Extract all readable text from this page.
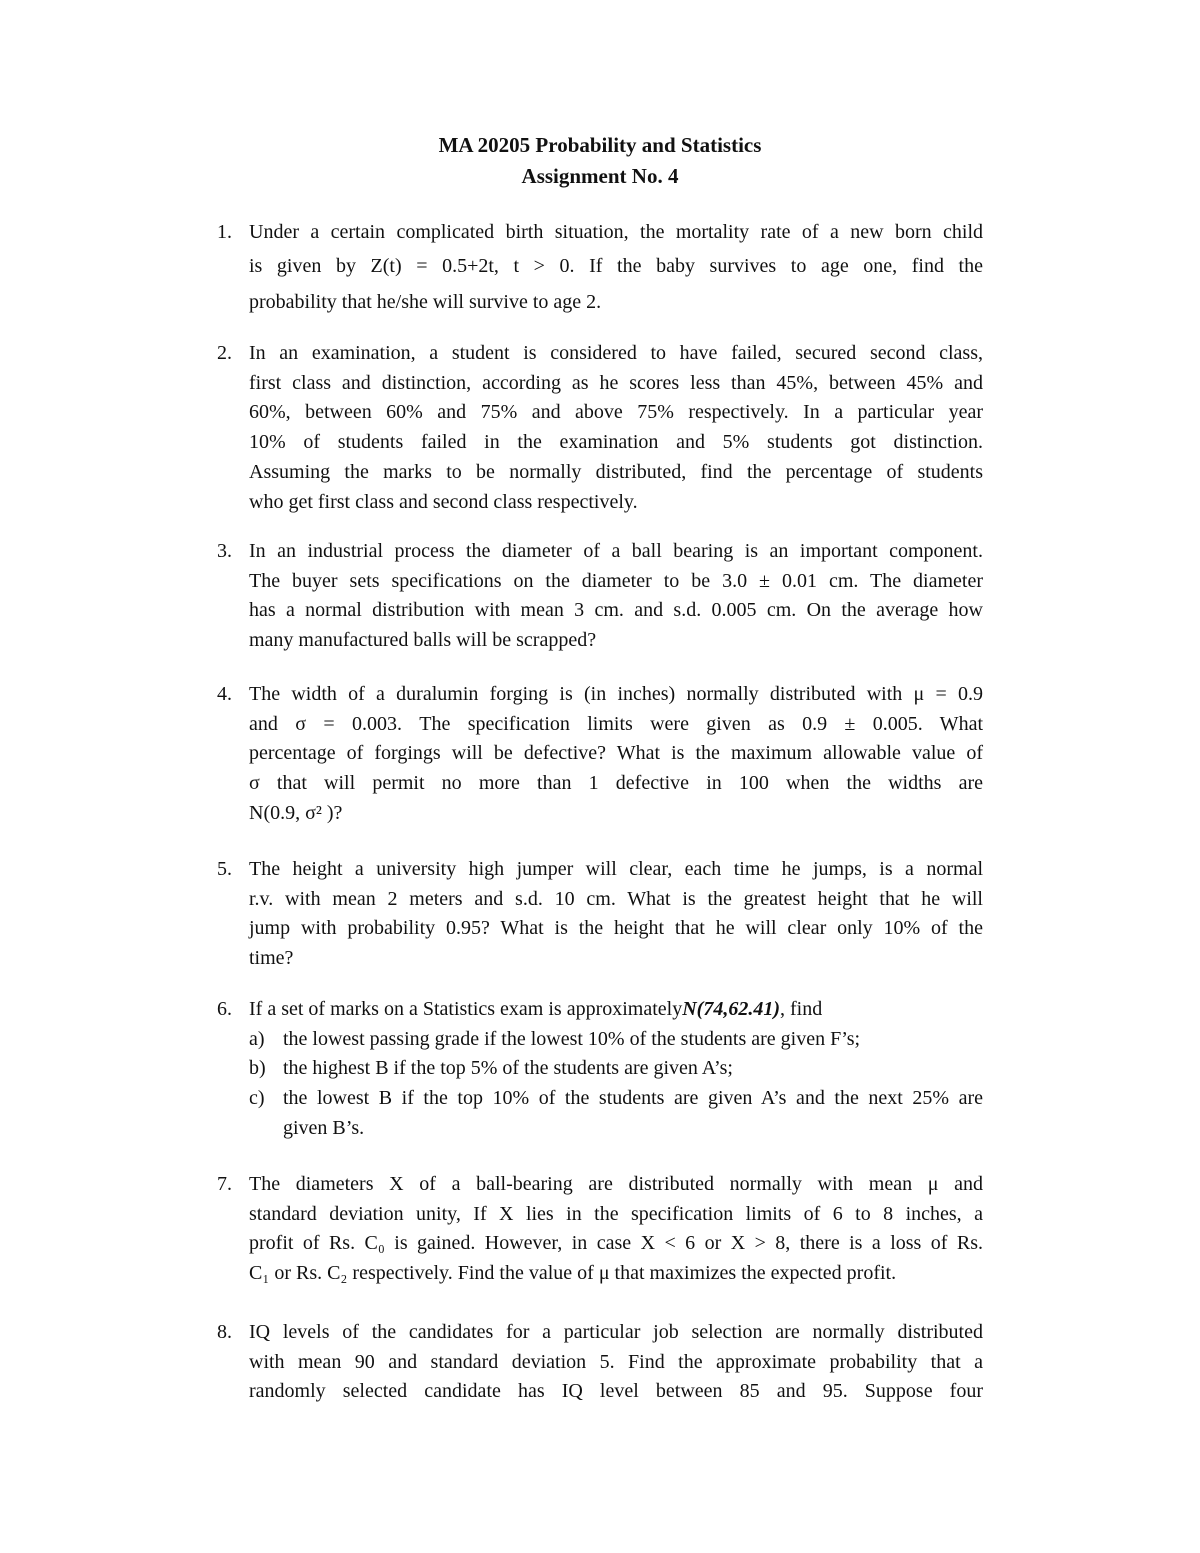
MA 20205 Probability and Statistics
Assignment No. 4
1. Under a certain complicated birth situation, the mortality rate of a new born child
is given by Z(t) = 0.5+2t, t > 0. If the baby survives to age one, find the
probability that he/she will survive to age 2.
2. In an examination, a student is considered to have failed, secured second class,
first class and distinction, according as he scores less than 45%, between 45% and
60%, between 60% and 75% and above 75% respectively. In a particular year
10% of students failed in the examination and 5% students got distinction.
Assuming the marks to be normally distributed, find the percentage of students
who get first class and second class respectively.
3. In an industrial process the diameter of a ball bearing is an important component.
The buyer sets specifications on the diameter to be 3.0 ± 0.01 cm. The diameter
has a normal distribution with mean 3 cm. and s.d. 0.005 cm. On the average how
many manufactured balls will be scrapped?
4. The width of a duralumin forging is (in inches) normally distributed with μ = 0.9
and σ = 0.003. The specification limits were given as 0.9 ± 0.005. What
percentage of forgings will be defective? What is the maximum allowable value of
σ that will permit no more than 1 defective in 100 when the widths are
N(0.9, σ² )?
5. The height a university high jumper will clear, each time he jumps, is a normal
r.v. with mean 2 meters and s.d. 10 cm. What is the greatest height that he will
jump with probability 0.95? What is the height that he will clear only 10% of the
time?
6. If a set of marks on a Statistics exam is approximatelyN(74,62.41), find
a) the lowest passing grade if the lowest 10% of the students are given F’s;
b) the highest B if the top 5% of the students are given A’s;
c) the lowest B if the top 10% of the students are given A’s and the next 25% are
given B’s.
7. The diameters X of a ball-bearing are distributed normally with mean μ and
standard deviation unity, If X lies in the specification limits of 6 to 8 inches, a
profit of Rs. C₀ is gained. However, in case X < 6 or X > 8, there is a loss of Rs.
C₁ or Rs. C₂ respectively. Find the value of μ that maximizes the expected profit.
8. IQ levels of the candidates for a particular job selection are normally distributed
with mean 90 and standard deviation 5. Find the approximate probability that a
randomly selected candidate has IQ level between 85 and 95. Suppose four
